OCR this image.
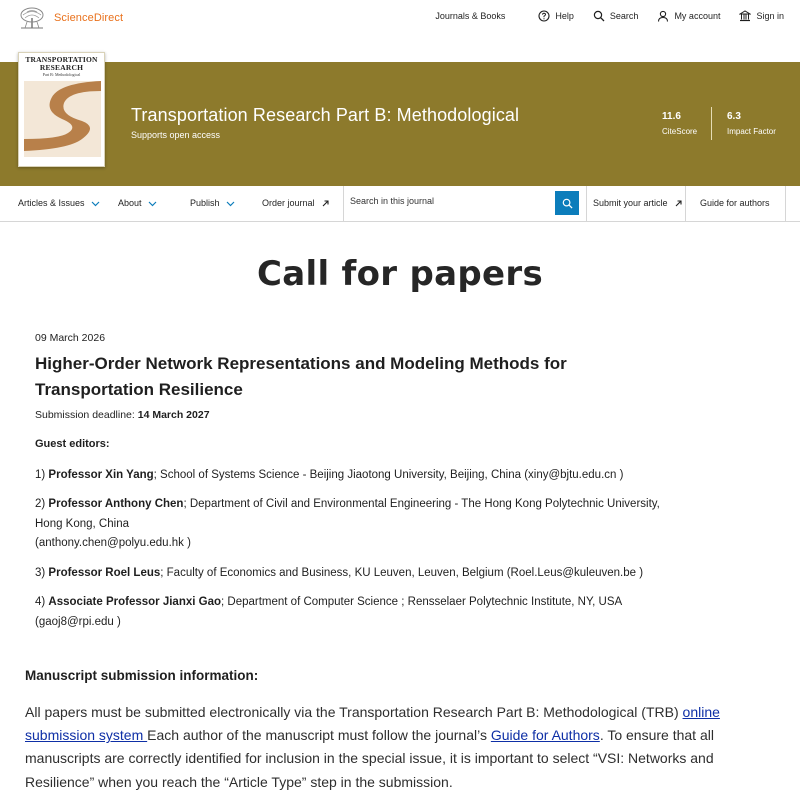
ScienceDirect	Journals & Books	Help	Search	My account	Sign in
TRANSPORTATION RESEARCH
Part B: Methodological
Transportation Research Part B: Methodological
Supports open access
11.6
CiteScore
6.3
Impact Factor
Articles & Issues	About	Publish	Order journal
Search in this journal	Submit your article	Guide for authors
Call for papers
09 March 2026
Higher-Order Network Representations and Modeling Methods for Transportation Resilience
Submission deadline: 14 March 2027
Guest editors:
1) Professor Xin Yang; School of Systems Science - Beijing Jiaotong University, Beijing, China (xiny@bjtu.edu.cn )
2) Professor Anthony Chen; Department of Civil and Environmental Engineering - The Hong Kong Polytechnic University, Hong Kong, China
(anthony.chen@polyu.edu.hk )
3) Professor Roel Leus; Faculty of Economics and Business, KU Leuven, Leuven, Belgium (Roel.Leus@kuleuven.be )
4) Associate Professor Jianxi Gao; Department of Computer Science ; Rensselaer Polytechnic Institute, NY, USA
(gaoj8@rpi.edu )
Manuscript submission information:

All papers must be submitted electronically via the Transportation Research Part B: Methodological (TRB) online submission system Each author of the manuscript must follow the journal’s Guide for Authors. To ensure that all manuscripts are correctly identified for inclusion in the special issue, it is important to select “VSI: Networks and Resilience” when you reach the “Article Type” step in the submission.
